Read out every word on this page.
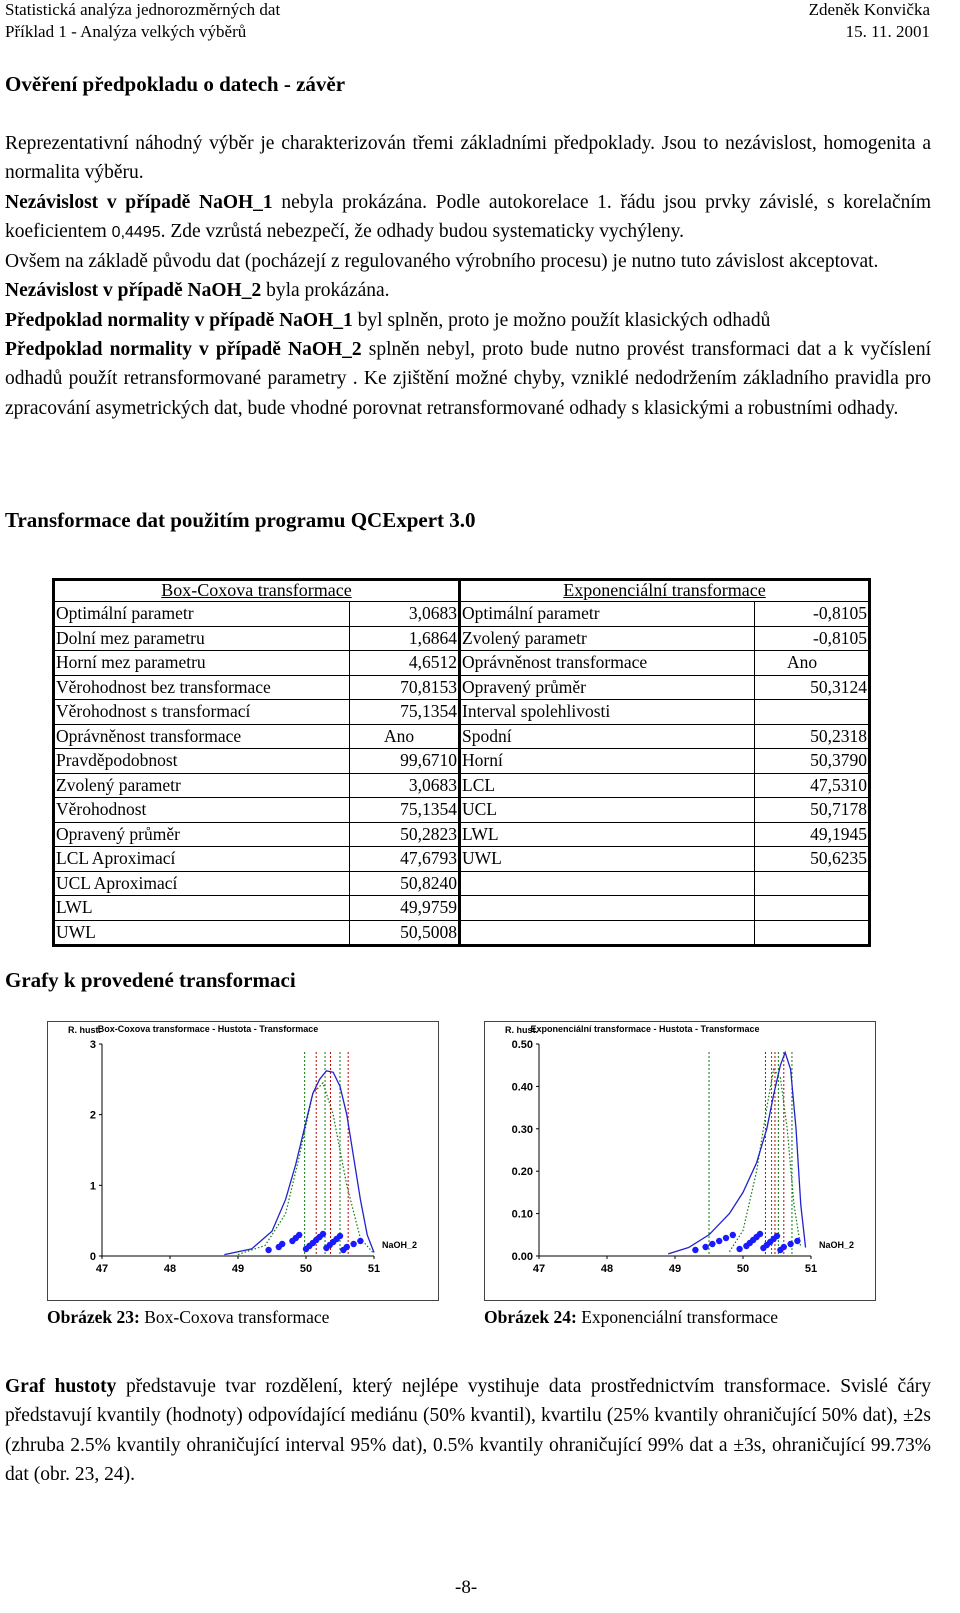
Statistická analýza jednorozměrných dat
Příklad 1 - Analýza velkých výběrů
Zdeněk Konvička
15. 11. 2001
Ověření předpokladu o datech - závěr

Reprezentativní náhodný výběr je charakterizován třemi základními předpoklady. Jsou to nezávislost, homogenita a normalita výběru.

Nezávislost v případě NaOH_1 nebyla prokázána. Podle autokorelace 1. řádu jsou prvky závislé, s korelačním koeficientem 0,4495. Zde vzrůstá nebezpečí, že odhady budou systematicky vychýleny.

Ovšem na základě původu dat (pocházejí z regulovaného výrobního procesu) je nutno tuto závislost akceptovat.

Nezávislost v případě NaOH_2 byla prokázána.

Předpoklad normality v případě NaOH_1 byl splněn, proto je možno použít klasických odhadů

Předpoklad normality v případě NaOH_2 splněn nebyl, proto bude nutno provést transformaci dat a k vyčíslení odhadů použít retransformované parametry . Ke zjištění možné chyby, vzniklé nedodržením základního pravidla pro zpracování asymetrických dat, bude vhodné porovnat retransformované odhady s klasickými a robustními odhady.

Transformace dat použitím programu QCExpert 3.0
Box-Coxova transformace		Exponenciální transformace	
Optimální parametr	3,0683	Optimální parametr	-0,8105
Dolní mez parametru	1,6864	Zvolený parametr	-0,8105
Horní mez parametru	4,6512	Oprávněnost transformace	Ano
Věrohodnost bez transformace	70,8153	Opravený průměr	50,3124
Věrohodnost s transformací	75,1354	Interval spolehlivosti	
Oprávněnost transformace	Ano	Spodní	50,2318
Pravděpodobnost	99,6710	Horní	50,3790
Zvolený parametr	3,0683	LCL	47,5310
Věrohodnost	75,1354	UCL	50,7178
Opravený průměr	50,2823	LWL	49,1945
LCL Aproximací	47,6793	UWL	50,6235
UCL Aproximací	50,8240		
LWL	49,9759		
UWL	50,5008		
Grafy k provedené transformaci
Box-Coxova transformace - Hustota - Transformace
R. hust.
0
1
2
3
47	48	49	50	51
NaOH_2
Exponenciální transformace - Hustota - Transformace
R. hust.
0.00
0.10
0.20
0.30
0.40
0.50
47	48	49	50	51
NaOH_2
Obrázek 23: Box-Coxova transformace	Obrázek 24: Exponenciální transformace

Graf hustoty představuje tvar rozdělení, který nejlépe vystihuje data prostřednictvím transformace. Svislé čáry představují kvantily (hodnoty) odpovídající mediánu (50% kvantil), kvartilu (25% kvantily ohraničující 50% dat), ±2s (zhruba 2.5% kvantily ohraničující interval 95% dat), 0.5% kvantily ohraničující 99% dat a ±3s, ohraničující 99.73% dat (obr. 23, 24).

-8-
